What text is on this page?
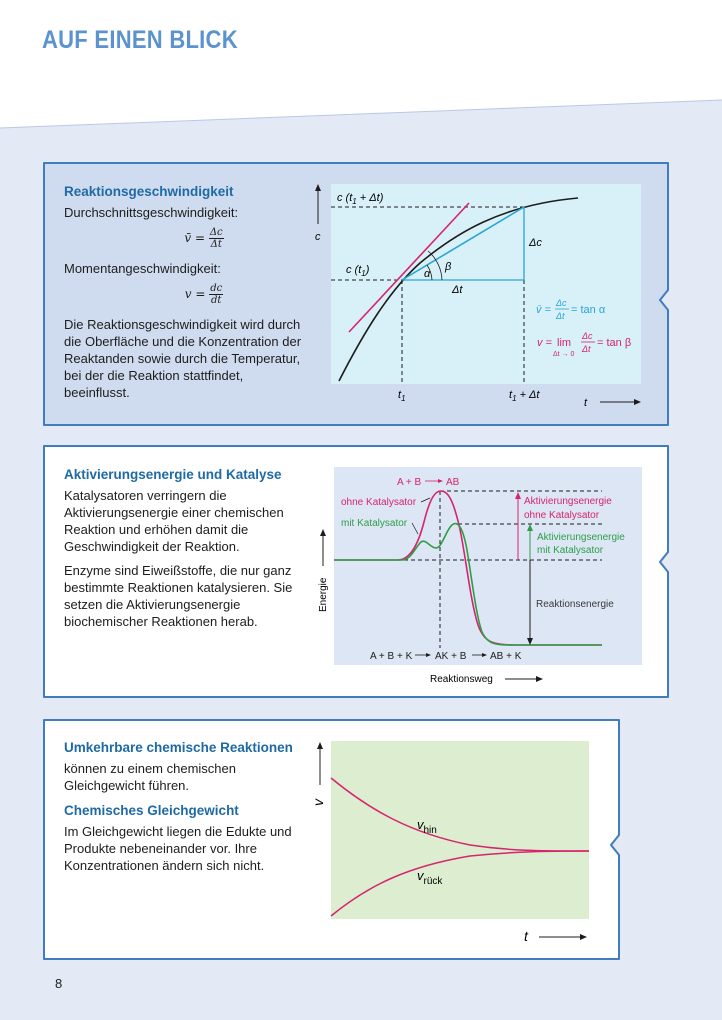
AUF EINEN BLICK

Reaktionsgeschwindigkeit

Durchschnittsgeschwindigkeit:

v̄ = $\frac{\Delta c}{\Delta t}$

Momentangeschwindigkeit:

$v = \frac{dc}{dt}$

Die Reaktionsgeschwindigkeit wird durch die Oberfläche und die Konzentration der Reaktanden sowie durch die Temperatur, bei der die Reaktion stattfindet, beeinflusst.

c
t
c $(t_1 + \Delta t)$
c $(t_1)$
Δc
Δt
α
β
$t_1$	$t_1 + \Delta t$
v̄ =
Δc
Δt = tan α
v = lim
Δt → 0
Δc
Δt = tan β

Aktivierungsenergie und Katalyse

Katalysatoren verringern die Aktivierungsenergie einer chemischen Reaktion und erhöhen damit die Geschwindigkeit der Reaktion.

Enzyme sind Eiweißstoffe, die nur ganz bestimmte Reaktionen katalysieren. Sie setzen die Aktivierungsenergie biochemischer Reaktionen herab.

Energie
Reaktionsweg
A + B AB
ohne Katalysator
mit Katalysator
Aktivierungsenergie
ohne Katalysator
Aktivierungsenergie
mit Katalysator
Reaktionsenergie
A + B + K AK + B AB + K

Umkehrbare chemische Reaktionen

können zu einem chemischen Gleichgewicht führen.

Chemisches Gleichgewicht

Im Gleichgewicht liegen die Edukte und Produkte nebeneinander vor. Ihre Konzentrationen ändern sich nicht.

v
t
$v_{hin}$
$v_{rück}$
8
